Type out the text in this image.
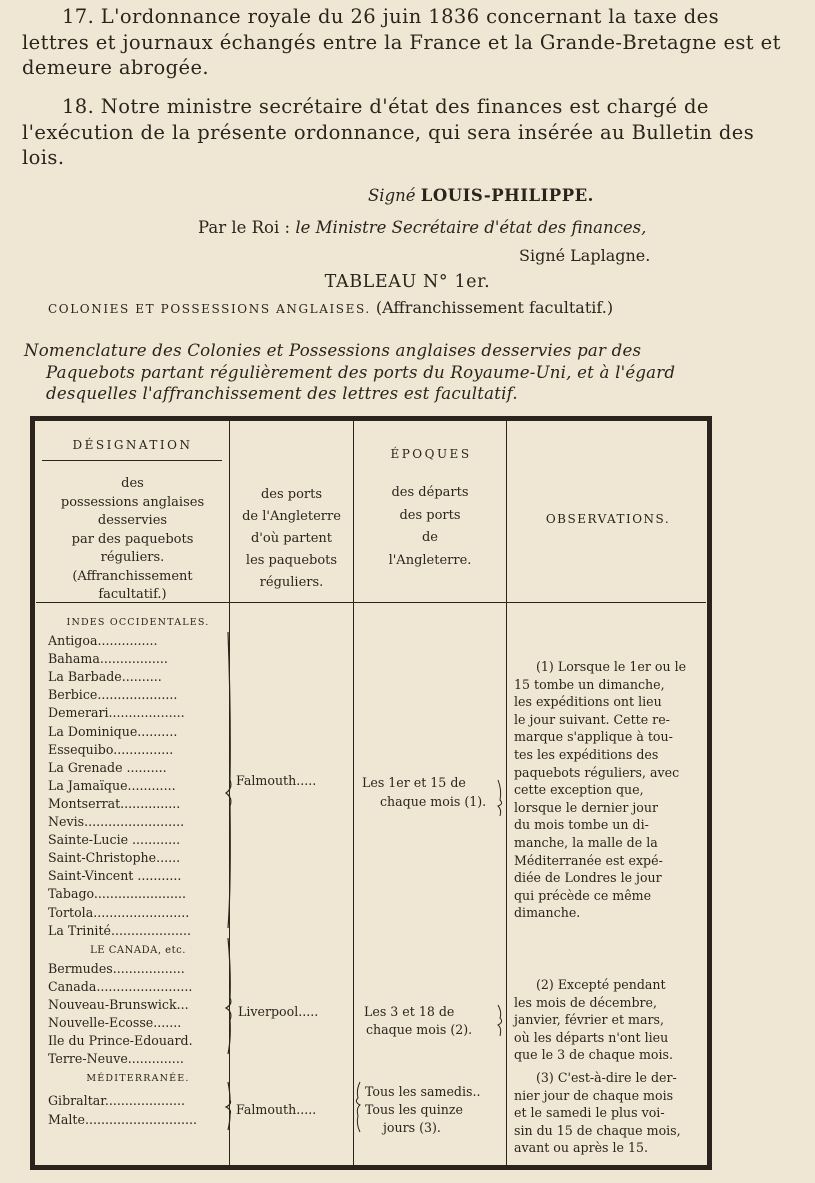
17. L'ordonnance royale du 26 juin 1836 concernant la taxe des lettres et journaux échangés entre la France et la Grande-Bretagne est et demeure abrogée.

18. Notre ministre secrétaire d'état des finances est chargé de l'exécution de la présente ordonnance, qui sera insérée au Bulletin des lois.

Signé LOUIS-PHILIPPE.
Par le Roi : le Ministre Secrétaire d'état des finances,
Signé Laplagne.
TABLEAU N° 1er.
COLONIES ET POSSESSIONS ANGLAISES. (Affranchissement facultatif.)
Nomenclature des Colonies et Possessions anglaises desservies par des
Paquebots partant régulièrement des ports du Royaume-Uni, et à l'égard
desquelles l'affranchissement des lettres est facultatif.
DÉSIGNATION
des
possessions anglaises
desservies
par des paquebots
réguliers.
(Affranchissement
facultatif.)
des ports
de l'Angleterre
d'où partent
les paquebots
réguliers.
ÉPOQUES
des départs
des ports
de
l'Angleterre.
OBSERVATIONS.
INDES OCCIDENTALES.
Antigoa...............
Bahama.................
La Barbade..........
Berbice....................
Demerari...................
La Dominique..........
Essequibo...............
La Grenade ..........
La Jamaïque............
Montserrat...............
Nevis.........................
Sainte-Lucie ............
Saint-Christophe......
Saint-Vincent ...........
Tabago.......................
Tortola........................
La Trinité....................
LE CANADA, etc.
Bermudes..................
Canada........................
Nouveau-Brunswick...
Nouvelle-Ecosse.......
Ile du Prince-Edouard.
Terre-Neuve..............
MÉDITERRANÉE.
Gibraltar....................
Malte............................
Falmouth.....
Liverpool.....
Falmouth.....
Les 1er et 15 de
chaque mois (1).
Les 3 et 18 de
chaque mois (2).
Tous les samedis..
Tous les quinze
jours (3).
(1) Lorsque le 1er ou le
15 tombe un dimanche,
les expéditions ont lieu
le jour suivant. Cette re-
marque s'applique à tou-
tes les expéditions des
paquebots réguliers, avec
cette exception que,
lorsque le dernier jour
du mois tombe un di-
manche, la malle de la
Méditerranée est expé-
diée de Londres le jour
qui précède ce même
dimanche.
(2) Excepté pendant
les mois de décembre,
janvier, février et mars,
où les départs n'ont lieu
que le 3 de chaque mois.
(3) C'est-à-dire le der-
nier jour de chaque mois
et le samedi le plus voi-
sin du 15 de chaque mois,
avant ou après le 15.
